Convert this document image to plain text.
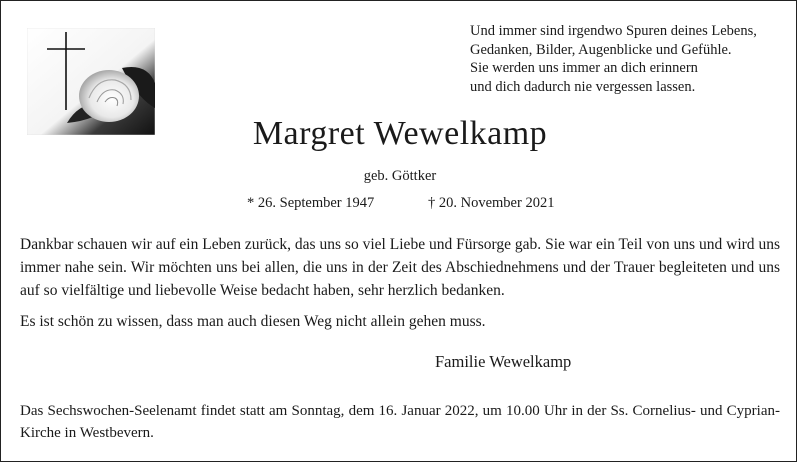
Und immer sind irgendwo Spuren deines Lebens,
Gedanken, Bilder, Augenblicke und Gefühle.
Sie werden uns immer an dich erinnern
und dich dadurch nie vergessen lassen.
Margret Wewelkamp
geb. Göttker
* 26. September 1947	† 20. November 2021
Dankbar schauen wir auf ein Leben zurück, das uns so viel Liebe und Fürsorge gab. Sie war ein Teil von uns und wird uns immer nahe sein. Wir möchten uns bei allen, die uns in der Zeit des Abschiednehmens und der Trauer begleiteten und uns auf so vielfältige und liebevolle Weise bedacht haben, sehr herzlich bedanken.
Es ist schön zu wissen, dass man auch diesen Weg nicht allein gehen muss.
Familie Wewelkamp
Das Sechswochen-Seelenamt findet statt am Sonntag, dem 16. Januar 2022, um 10.00 Uhr in der Ss. Cornelius- und Cyprian-Kirche in Westbevern.
